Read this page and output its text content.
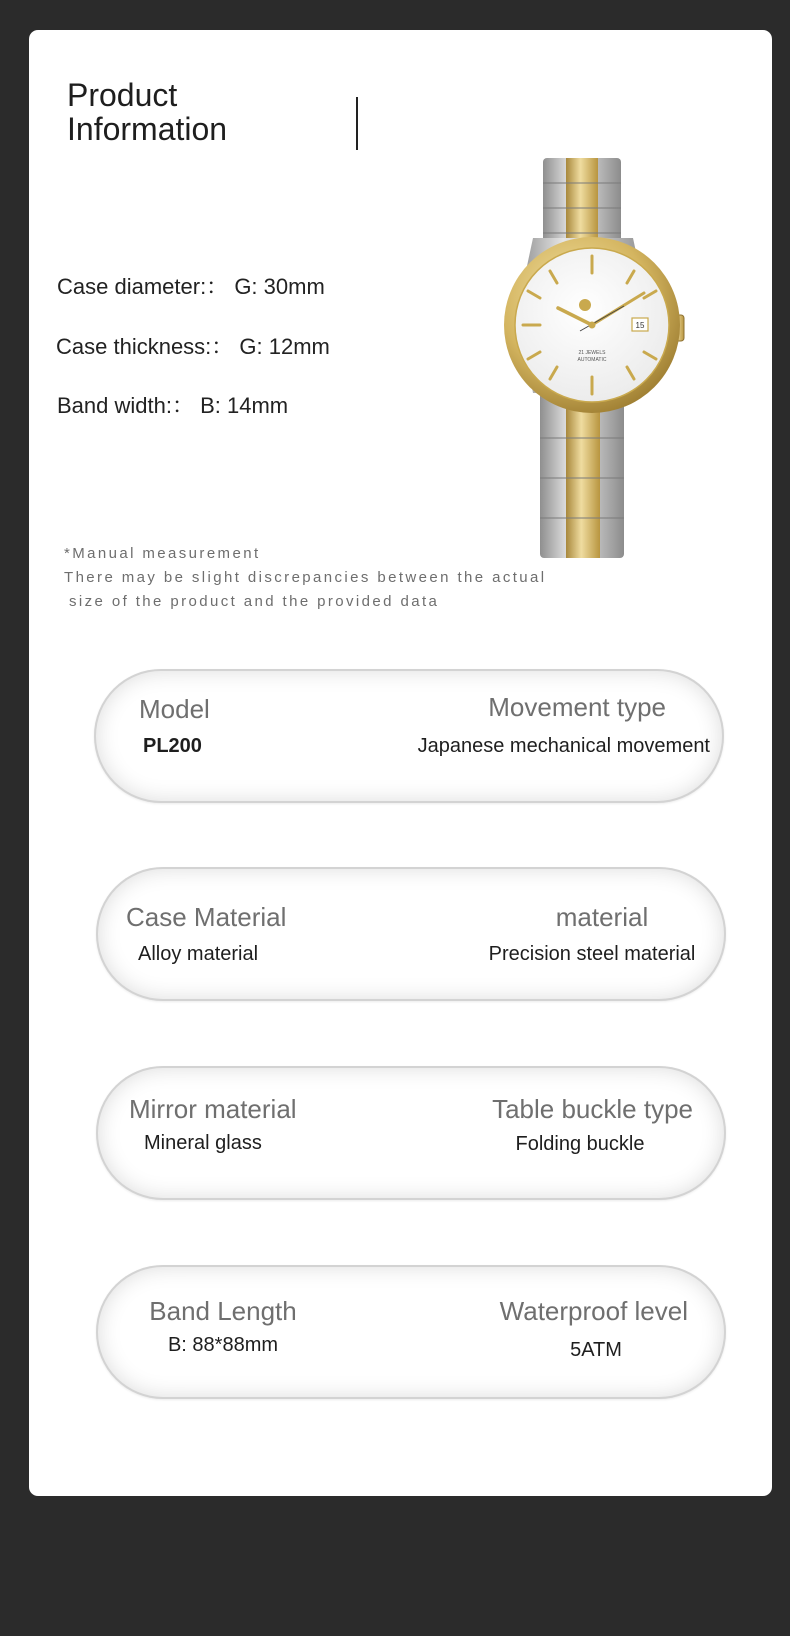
Product
Information
Case diameter:： G: 30mm
Case thickness:： G: 12mm
Band width:： B: 14mm
15
21 JEWELS
AUTOMATIC
*Manual measurement
There may be slight discrepancies between the actual
size of the product and the provided data
Model
PL200
Movement type
Japanese mechanical movement
Case Material
Alloy material
material
Precision steel material
Mirror material
Mineral glass
Table buckle type
Folding buckle
Band Length
B: 88*88mm
Waterproof level
5ATM
